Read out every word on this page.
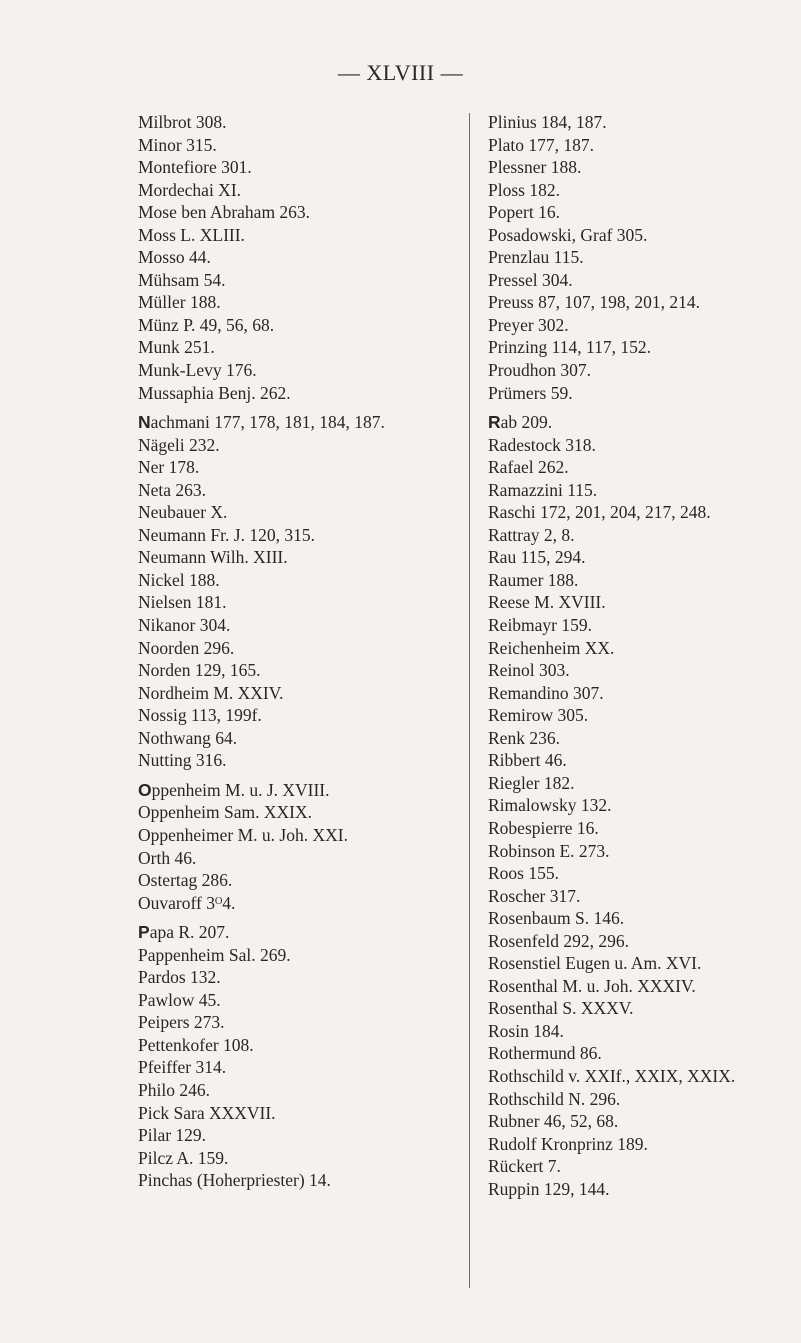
— XLVIII —
Milbrot 308.
Minor 315.
Montefiore 301.
Mordechai XI.
Mose ben Abraham 263.
Moss L. XLIII.
Mosso 44.
Mühsam 54.
Müller 188.
Münz P. 49, 56, 68.
Munk 251.
Munk-Levy 176.
Mussaphia Benj. 262.
Nachmani 177, 178, 181, 184, 187.
Nägeli 232.
Ner 178.
Neta 263.
Neubauer X.
Neumann Fr. J. 120, 315.
Neumann Wilh. XIII.
Nickel 188.
Nielsen 181.
Nikanor 304.
Noorden 296.
Norden 129, 165.
Nordheim M. XXIV.
Nossig 113, 199f.
Nothwang 64.
Nutting 316.
Oppenheim M. u. J. XVIII.
Oppenheim Sam. XXIX.
Oppenheimer M. u. Joh. XXI.
Orth 46.
Ostertag 286.
Ouvaroff 3ᴼ4.
Papa R. 207.
Pappenheim Sal. 269.
Pardos 132.
Pawlow 45.
Peipers 273.
Pettenkofer 108.
Pfeiffer 314.
Philo 246.
Pick Sara XXXVII.
Pilar 129.
Pilcz A. 159.
Pinchas (Hoherpriester) 14.
Plinius 184, 187.
Plato 177, 187.
Plessner 188.
Ploss 182.
Popert 16.
Posadowski, Graf 305.
Prenzlau 115.
Pressel 304.
Preuss 87, 107, 198, 201, 214.
Preyer 302.
Prinzing 114, 117, 152.
Proudhon 307.
Prümers 59.
Rab 209.
Radestock 318.
Rafael 262.
Ramazzini 115.
Raschi 172, 201, 204, 217, 248.
Rattray 2, 8.
Rau 115, 294.
Raumer 188.
Reese M. XVIII.
Reibmayr 159.
Reichenheim XX.
Reinol 303.
Remandino 307.
Remirow 305.
Renk 236.
Ribbert 46.
Riegler 182.
Rimalowsky 132.
Robespierre 16.
Robinson E. 273.
Roos 155.
Roscher 317.
Rosenbaum S. 146.
Rosenfeld 292, 296.
Rosenstiel Eugen u. Am. XVI.
Rosenthal M. u. Joh. XXXIV.
Rosenthal S. XXXV.
Rosin 184.
Rothermund 86.
Rothschild v. XXIf., XXIX, XXIX.
Rothschild N. 296.
Rubner 46, 52, 68.
Rudolf Kronprinz 189.
Rückert 7.
Ruppin 129, 144.
